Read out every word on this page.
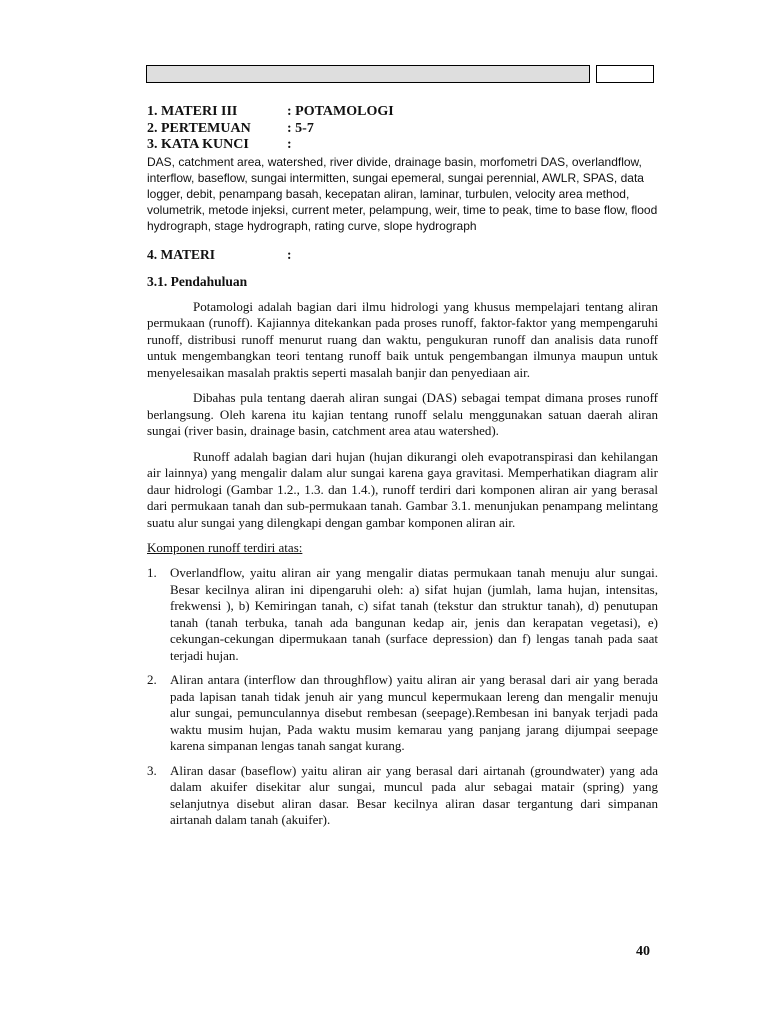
1. MATERI III	: POTAMOLOGI
2. PERTEMUAN	: 5-7
3. KATA KUNCI	:
DAS, catchment area, watershed, river divide, drainage basin, morfometri DAS, overlandflow, interflow, baseflow, sungai intermitten, sungai epemeral, sungai perennial, AWLR, SPAS, data logger, debit, penampang basah, kecepatan aliran, laminar, turbulen, velocity area method, volumetrik, metode injeksi, current meter, pelampung, weir, time to peak, time to base flow, flood hydrograph, stage hydrograph, rating curve, slope hydrograph
4. MATERI	:
3.1. Pendahuluan

Potamologi adalah bagian dari ilmu hidrologi yang khusus mempelajari tentang aliran permukaan (runoff). Kajiannya ditekankan pada proses runoff, faktor-faktor yang mempengaruhi runoff, distribusi runoff menurut ruang dan waktu, pengukuran runoff dan analisis data runoff untuk mengembangkan teori tentang runoff baik untuk pengembangan ilmunya maupun untuk menyelesaikan masalah praktis seperti masalah banjir dan penyediaan air.

Dibahas pula tentang daerah aliran sungai (DAS) sebagai tempat dimana proses runoff berlangsung. Oleh karena itu kajian tentang runoff selalu menggunakan satuan daerah aliran sungai (river basin, drainage basin, catchment area atau watershed).

Runoff adalah bagian dari hujan (hujan dikurangi oleh evapotranspirasi dan kehilangan air lainnya) yang mengalir dalam alur sungai karena gaya gravitasi. Memperhatikan diagram alir daur hidrologi (Gambar 1.2., 1.3. dan 1.4.), runoff terdiri dari komponen aliran air yang berasal dari permukaan tanah dan sub-permukaan tanah. Gambar 3.1. menunjukan penampang melintang suatu alur sungai yang dilengkapi dengan gambar komponen aliran air.

Komponen runoff terdiri atas:
1. Overlandflow, yaitu aliran air yang mengalir diatas permukaan tanah menuju alur sungai. Besar kecilnya aliran ini dipengaruhi oleh: a) sifat hujan (jumlah, lama hujan, intensitas, frekwensi ), b) Kemiringan tanah, c) sifat tanah (tekstur dan struktur tanah), d) penutupan tanah (tanah terbuka, tanah ada bangunan kedap air, jenis dan kerapatan vegetasi), e) cekungan-cekungan dipermukaan tanah (surface depression) dan f) lengas tanah pada saat terjadi hujan.
2. Aliran antara (interflow dan throughflow) yaitu aliran air yang berasal dari air yang berada pada lapisan tanah tidak jenuh air yang muncul kepermukaan lereng dan mengalir menuju alur sungai, pemunculannya disebut rembesan (seepage).Rembesan ini banyak terjadi pada waktu musim hujan, Pada waktu musim kemarau yang panjang jarang dijumpai seepage karena simpanan lengas tanah sangat kurang.
3. Aliran dasar (baseflow) yaitu aliran air yang berasal dari airtanah (groundwater) yang ada dalam akuifer disekitar alur sungai, muncul pada alur sebagai matair (spring) yang selanjutnya disebut aliran dasar. Besar kecilnya aliran dasar tergantung dari simpanan airtanah dalam tanah (akuifer).
40
